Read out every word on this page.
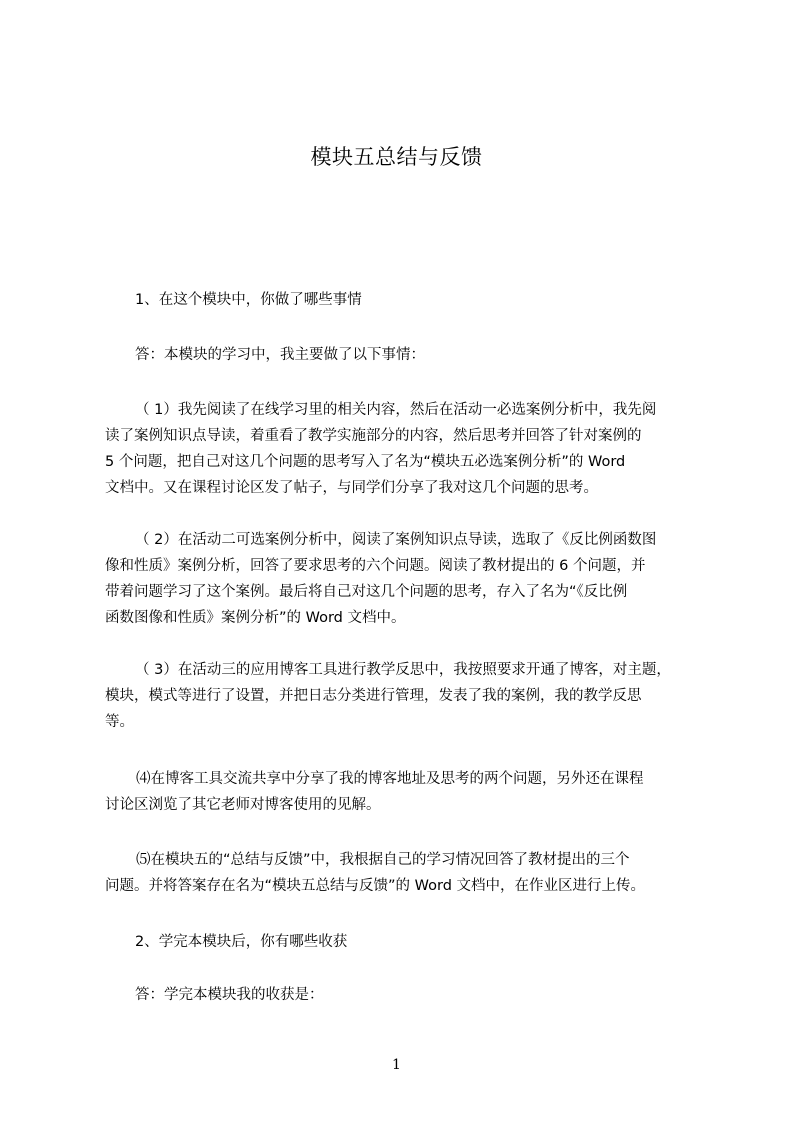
模块五总结与反馈
1、在这个模块中，你做了哪些事情
答：本模块的学习中，我主要做了以下事情：
（ 1）我先阅读了在线学习里的相关内容，然后在活动一必选案例分析中，我先阅
读了案例知识点导读，着重看了教学实施部分的内容，然后思考并回答了针对案例的
5 个问题，把自己对这几个问题的思考写入了名为“模块五必选案例分析”的 Word
文档中。又在课程讨论区发了帖子，与同学们分享了我对这几个问题的思考。
（ 2）在活动二可选案例分析中，阅读了案例知识点导读，选取了《反比例函数图
像和性质》案例分析，回答了要求思考的六个问题。阅读了教材提出的 6 个问题，并
带着问题学习了这个案例。最后将自己对这几个问题的思考，存入了名为“《反比例
函数图像和性质》案例分析”的 Word 文档中。
（ 3）在活动三的应用博客工具进行教学反思中，我按照要求开通了博客，对主题，
模块，模式等进行了设置，并把日志分类进行管理，发表了我的案例，我的教学反思
等。
⑷在博客工具交流共享中分享了我的博客地址及思考的两个问题，另外还在课程
讨论区浏览了其它老师对博客使用的见解。
⑸在模块五的“总结与反馈”中，我根据自己的学习情况回答了教材提出的三个
问题。并将答案存在名为“模块五总结与反馈”的 Word 文档中，在作业区进行上传。
2、学完本模块后，你有哪些收获
答：学完本模块我的收获是：
1
